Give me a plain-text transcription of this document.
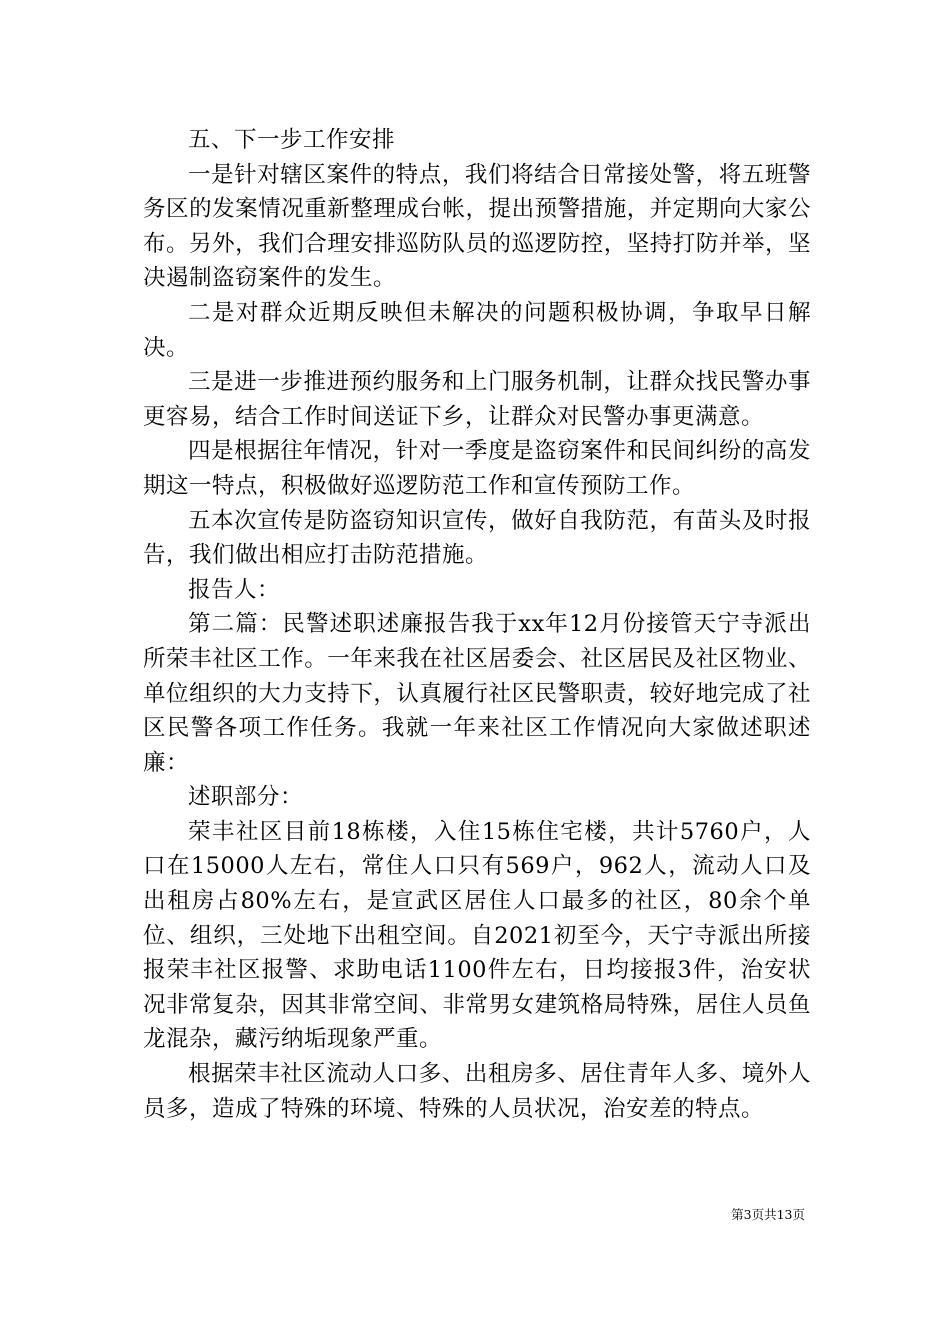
五、下一步工作安排

一是针对辖区案件的特点，我们将结合日常接处警，将五班警务区的发案情况重新整理成台帐，提出预警措施，并定期向大家公布。另外，我们合理安排巡防队员的巡逻防控，坚持打防并举，坚决遏制盗窃案件的发生。

二是对群众近期反映但未解决的问题积极协调，争取早日解决。

三是进一步推进预约服务和上门服务机制，让群众找民警办事更容易，结合工作时间送证下乡，让群众对民警办事更满意。

四是根据往年情况，针对一季度是盗窃案件和民间纠纷的高发期这一特点，积极做好巡逻防范工作和宣传预防工作。

五本次宣传是防盗窃知识宣传，做好自我防范，有苗头及时报告，我们做出相应打击防范措施。

报告人：

第二篇：民警述职述廉报告我于xx年12月份接管天宁寺派出所荣丰社区工作。一年来我在社区居委会、社区居民及社区物业、单位组织的大力支持下，认真履行社区民警职责，较好地完成了社区民警各项工作任务。我就一年来社区工作情况向大家做述职述廉：

述职部分：

荣丰社区目前18栋楼，入住15栋住宅楼，共计5760户，人口在15000人左右，常住人口只有569户，962人，流动人口及出租房占80%左右，是宣武区居住人口最多的社区，80余个单位、组织，三处地下出租空间。自2021初至今，天宁寺派出所接报荣丰社区报警、求助电话1100件左右，日均接报3件，治安状况非常复杂，因其非常空间、非常男女建筑格局特殊，居住人员鱼龙混杂，藏污纳垢现象严重。

根据荣丰社区流动人口多、出租房多、居住青年人多、境外人员多，造成了特殊的环境、特殊的人员状况，治安差的特点。

第3页共13页
